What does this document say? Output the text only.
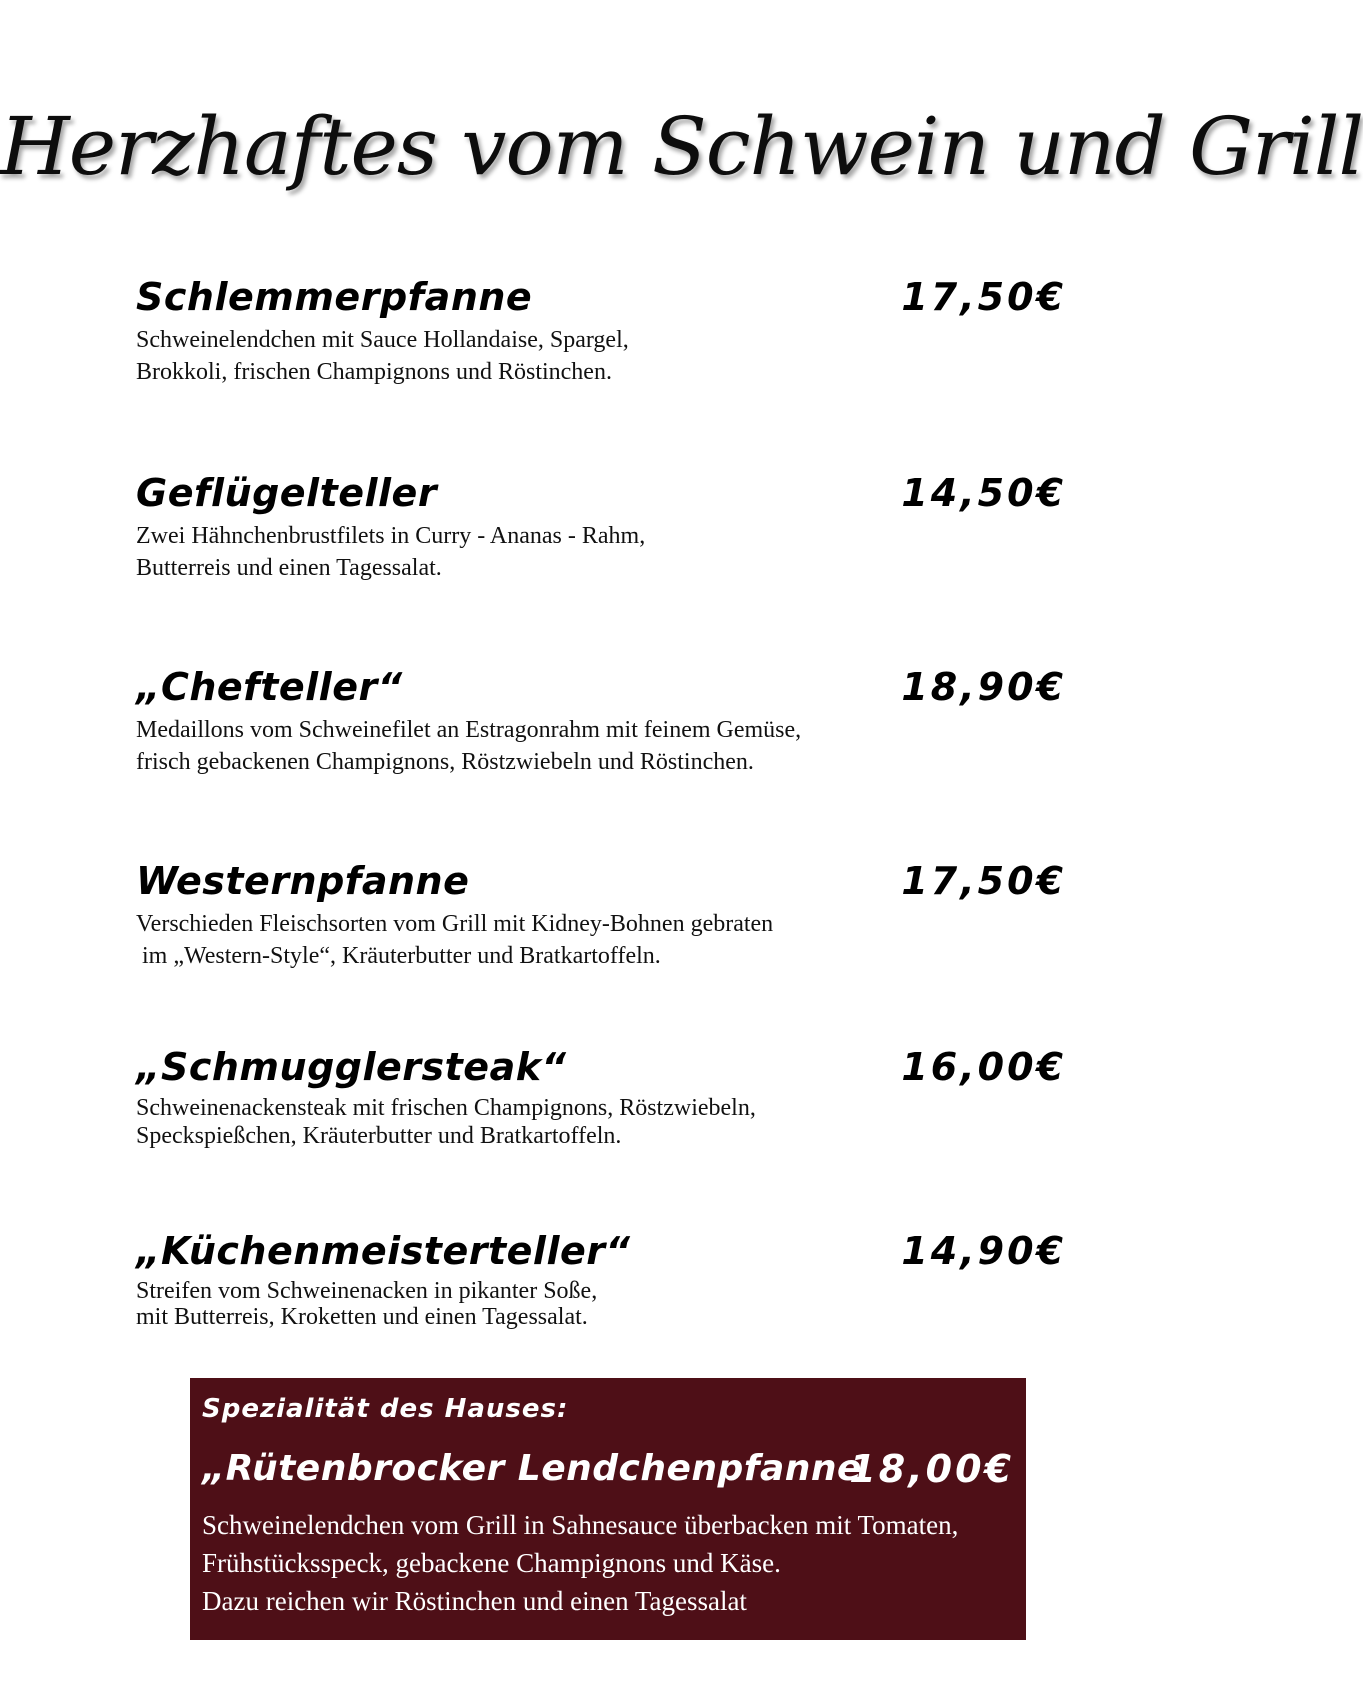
Herzhaftes vom Schwein und Grill
Schlemmerpfanne	17,50€
Schweinelendchen mit Sauce Hollandaise, Spargel,
Brokkoli, frischen Champignons und Röstinchen.
Geflügelteller	14,50€
Zwei Hähnchenbrustfilets in Curry - Ananas - Rahm,
Butterreis und einen Tagessalat.
„Chefteller“	18,90€
Medaillons vom Schweinefilet an Estragonrahm mit feinem Gemüse,
frisch gebackenen Champignons, Röstzwiebeln und Röstinchen.
Westernpfanne	17,50€
Verschieden Fleischsorten vom Grill mit Kidney-Bohnen gebraten
im „Western-Style“, Kräuterbutter und Bratkartoffeln.
„Schmugglersteak“	16,00€
Schweinenackensteak mit frischen Champignons, Röstzwiebeln,
Speckspießchen, Kräuterbutter und Bratkartoffeln.
„Küchenmeisterteller“	14,90€
Streifen vom Schweinenacken in pikanter Soße,
mit Butterreis, Kroketten und einen Tagessalat.
Spezialität des Hauses:
„Rütenbrocker Lendchenpfanne
18,00€
Schweinelendchen vom Grill in Sahnesauce überbacken mit Tomaten,
Frühstücksspeck, gebackene Champignons und Käse.
Dazu reichen wir Röstinchen und einen Tagessalat
